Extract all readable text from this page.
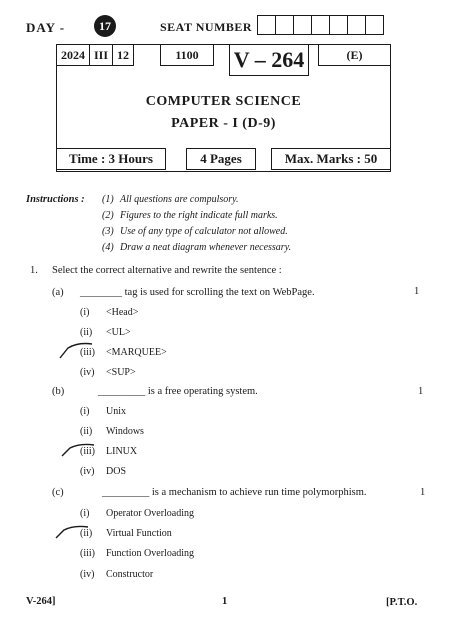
DAY -	17	SEAT NUMBER
2024 III 12	1100	V – 264	(E)
COMPUTER SCIENCE
PAPER - I (D-9)
Time : 3 Hours	4 Pages	Max. Marks : 50
Instructions : (1) All questions are compulsory.
(2) Figures to the right indicate full marks.
(3) Use of any type of calculator not allowed.
(4) Draw a neat diagram whenever necessary.
1. Select the correct alternative and rewrite the sentence :
(a) ________ tag is used for scrolling the text on WebPage.	1
(i) <Head>
(ii) <UL>
(iii) <MARQUEE>
(iv) <SUP>
(b)	_________ is a free operating system.	1
(i) Unix
(ii) Windows
(iii) LINUX
(iv) DOS
(c)	_________ is a mechanism to achieve run time polymorphism.	1
(i) Operator Overloading
(ii) Virtual Function
(iii) Function Overloading
(iv) Constructor
V-264]	1	[P.T.O.
